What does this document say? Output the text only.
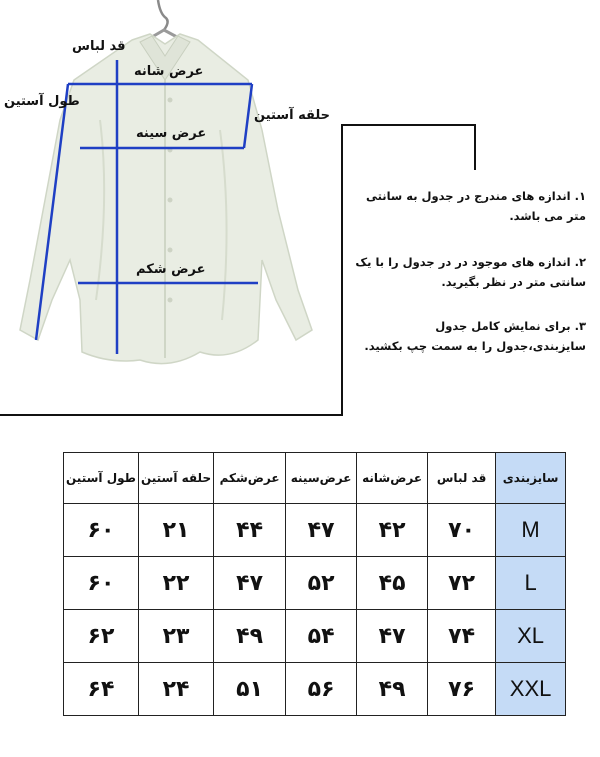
قد لباس
عرض شانه
طول آستین
حلقه آستین
عرض سینه
عرض شکم
۱. اندازه های مندرج در جدول به سانتی متر می باشد.
۲. اندازه های موجود در در جدول را با یک سانتی متر در نظر بگیرید.
۳. برای نمایش کامل جدول سایزبندی،جدول را به سمت چپ بکشید.
سایزبندی	قد لباس	عرض‌شانه	عرض‌سینه	عرض‌شکم	حلقه آستین	طول آستین
M	۷۰	۴۲	۴۷	۴۴	۲۱	۶۰
L	۷۲	۴۵	۵۲	۴۷	۲۲	۶۰
XL	۷۴	۴۷	۵۴	۴۹	۲۳	۶۲
XXL	۷۶	۴۹	۵۶	۵۱	۲۴	۶۴
